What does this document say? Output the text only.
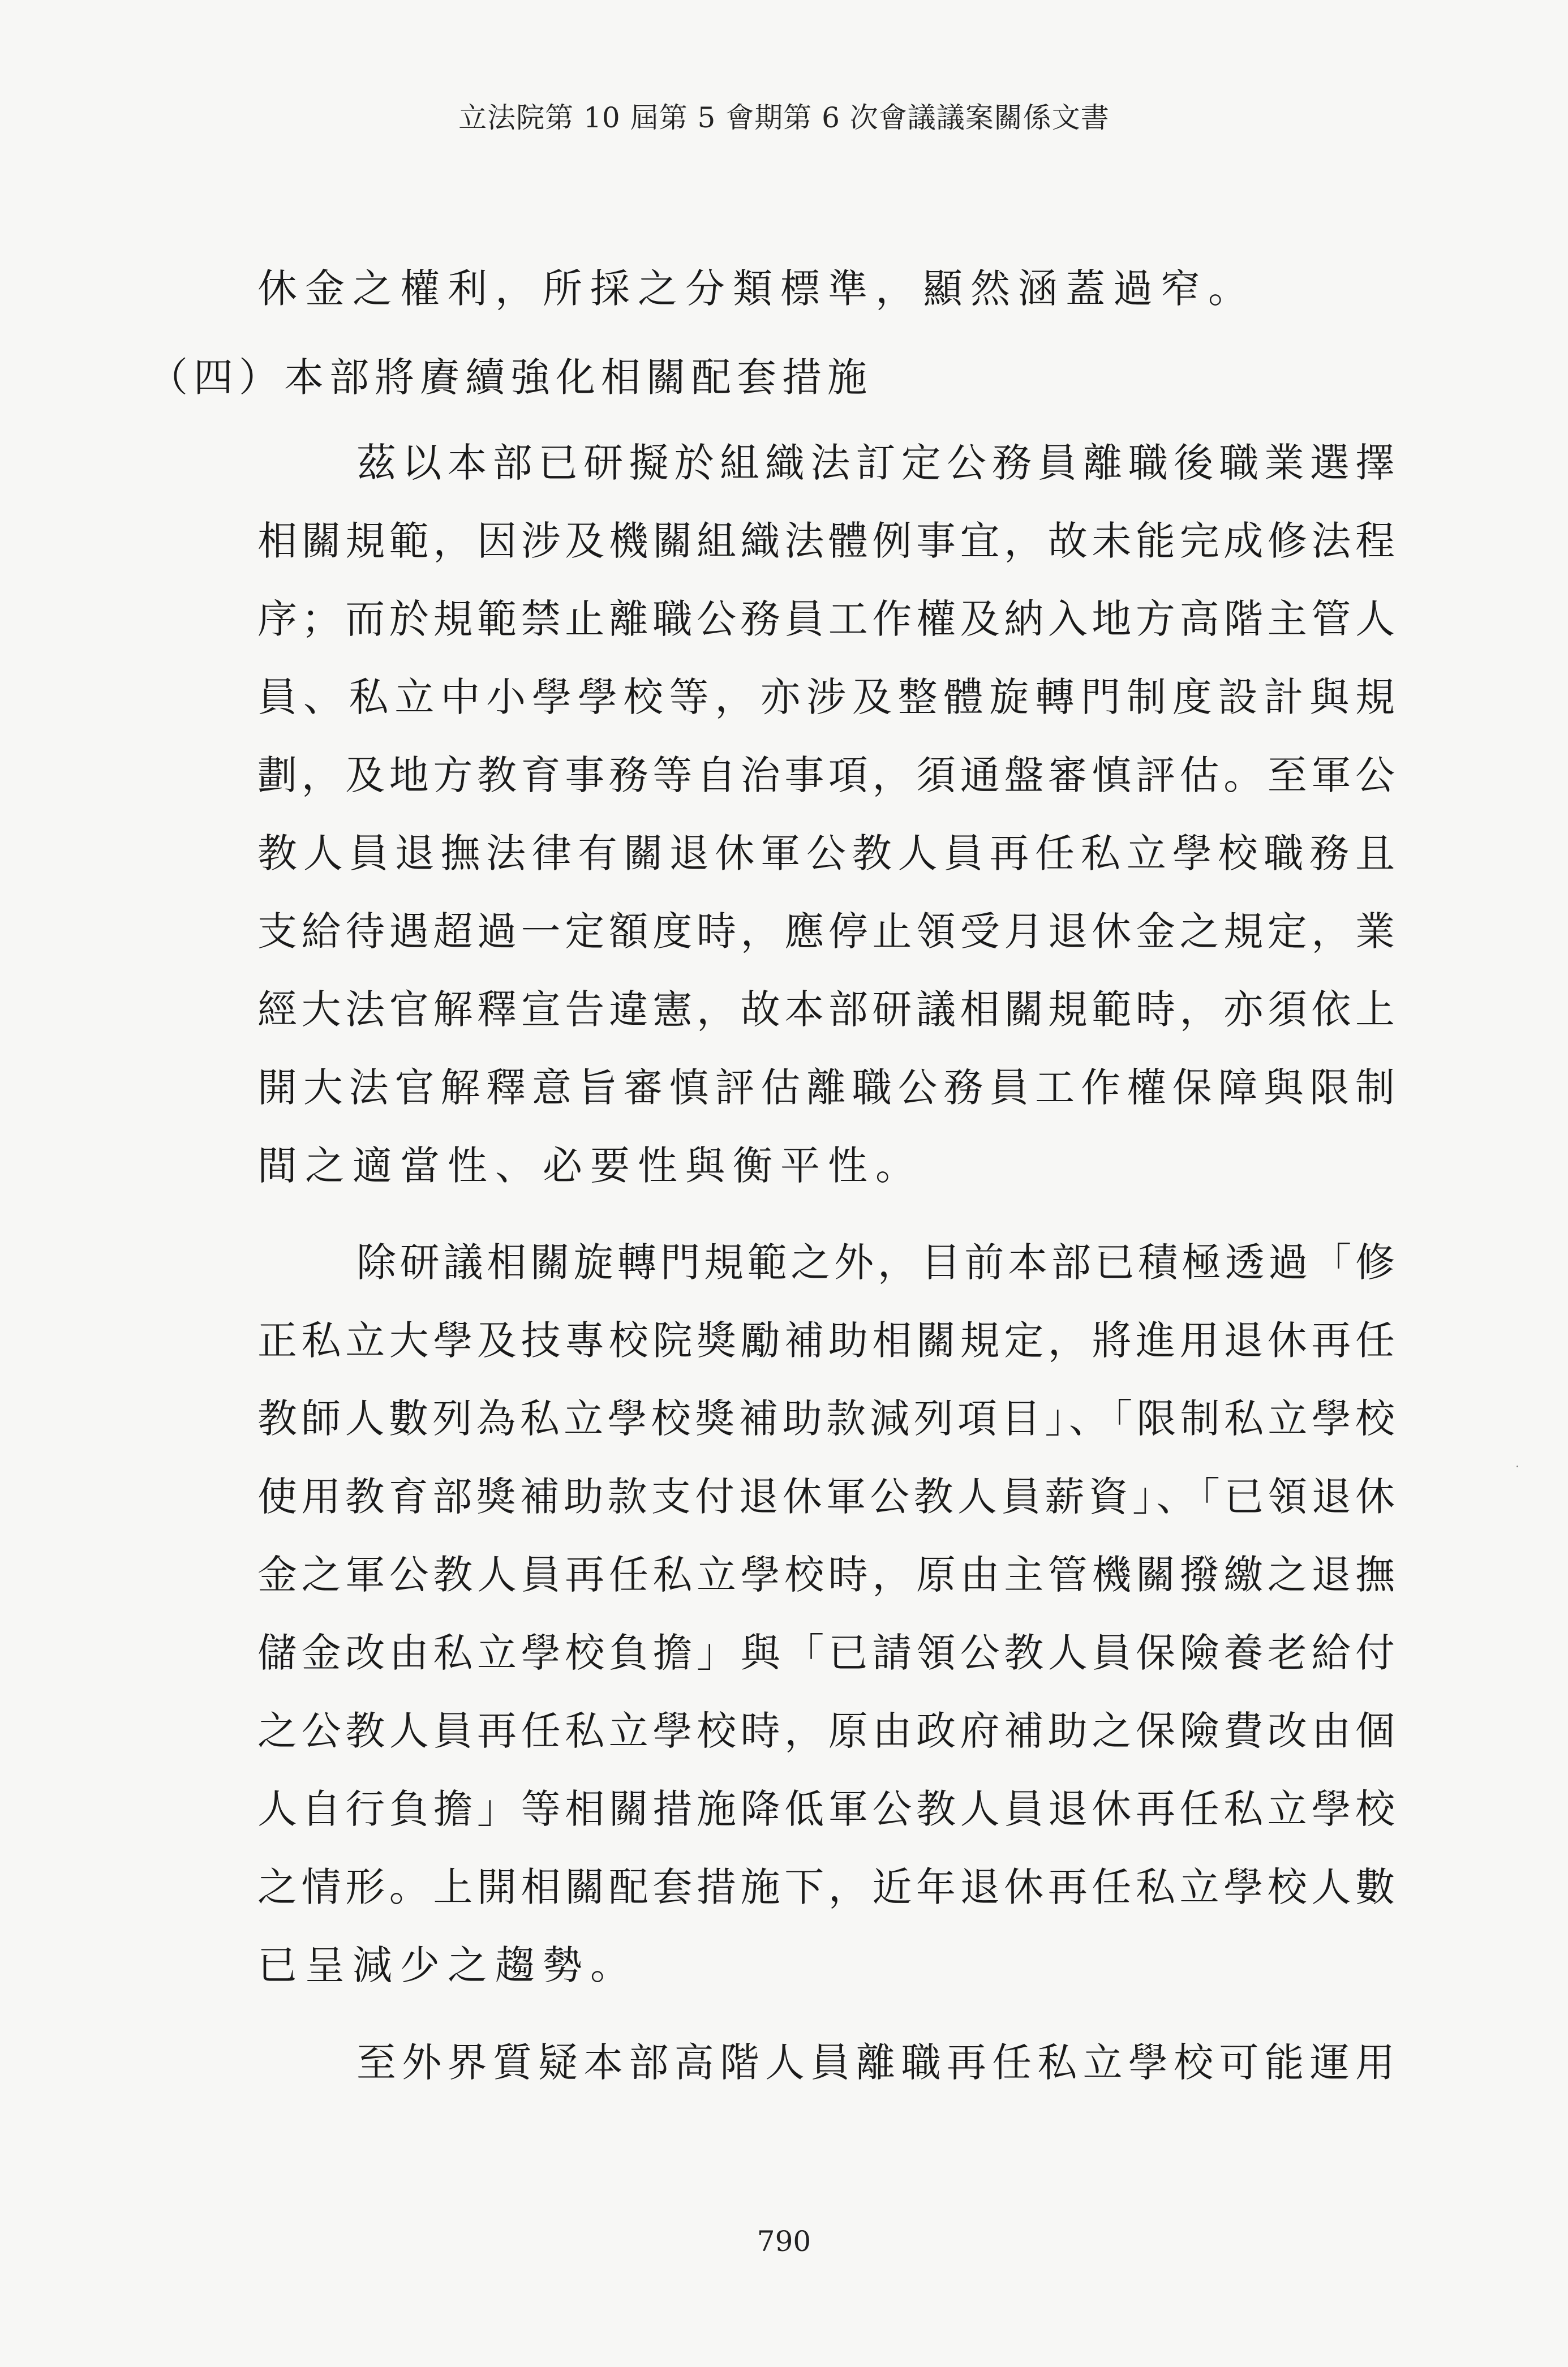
立法院第 10 屆第 5 會期第 6 次會議議案關係文書
（四）本部將賡續強化相關配套措施
休金之權利，所採之分類標準，顯然涵蓋過窄。
茲以本部已研擬於組織法訂定公務員離職後職業選擇
相關規範，因涉及機關組織法體例事宜，故未能完成修法程
序；而於規範禁止離職公務員工作權及納入地方高階主管人
員、私立中小學學校等，亦涉及整體旋轉門制度設計與規
劃，及地方教育事務等自治事項，須通盤審慎評估。至軍公
教人員退撫法律有關退休軍公教人員再任私立學校職務且
支給待遇超過一定額度時，應停止領受月退休金之規定，業
經大法官解釋宣告違憲，故本部研議相關規範時，亦須依上
開大法官解釋意旨審慎評估離職公務員工作權保障與限制
間之適當性、必要性與衡平性。
除研議相關旋轉門規範之外，目前本部已積極透過「修
正私立大學及技專校院獎勵補助相關規定，將進用退休再任
教師人數列為私立學校獎補助款減列項目」、「限制私立學校
使用教育部獎補助款支付退休軍公教人員薪資」、「已領退休
金之軍公教人員再任私立學校時，原由主管機關撥繳之退撫
儲金改由私立學校負擔」與「已請領公教人員保險養老給付
之公教人員再任私立學校時，原由政府補助之保險費改由個
人自行負擔」等相關措施降低軍公教人員退休再任私立學校
之情形。上開相關配套措施下，近年退休再任私立學校人數
已呈減少之趨勢。
至外界質疑本部高階人員離職再任私立學校可能運用
790
